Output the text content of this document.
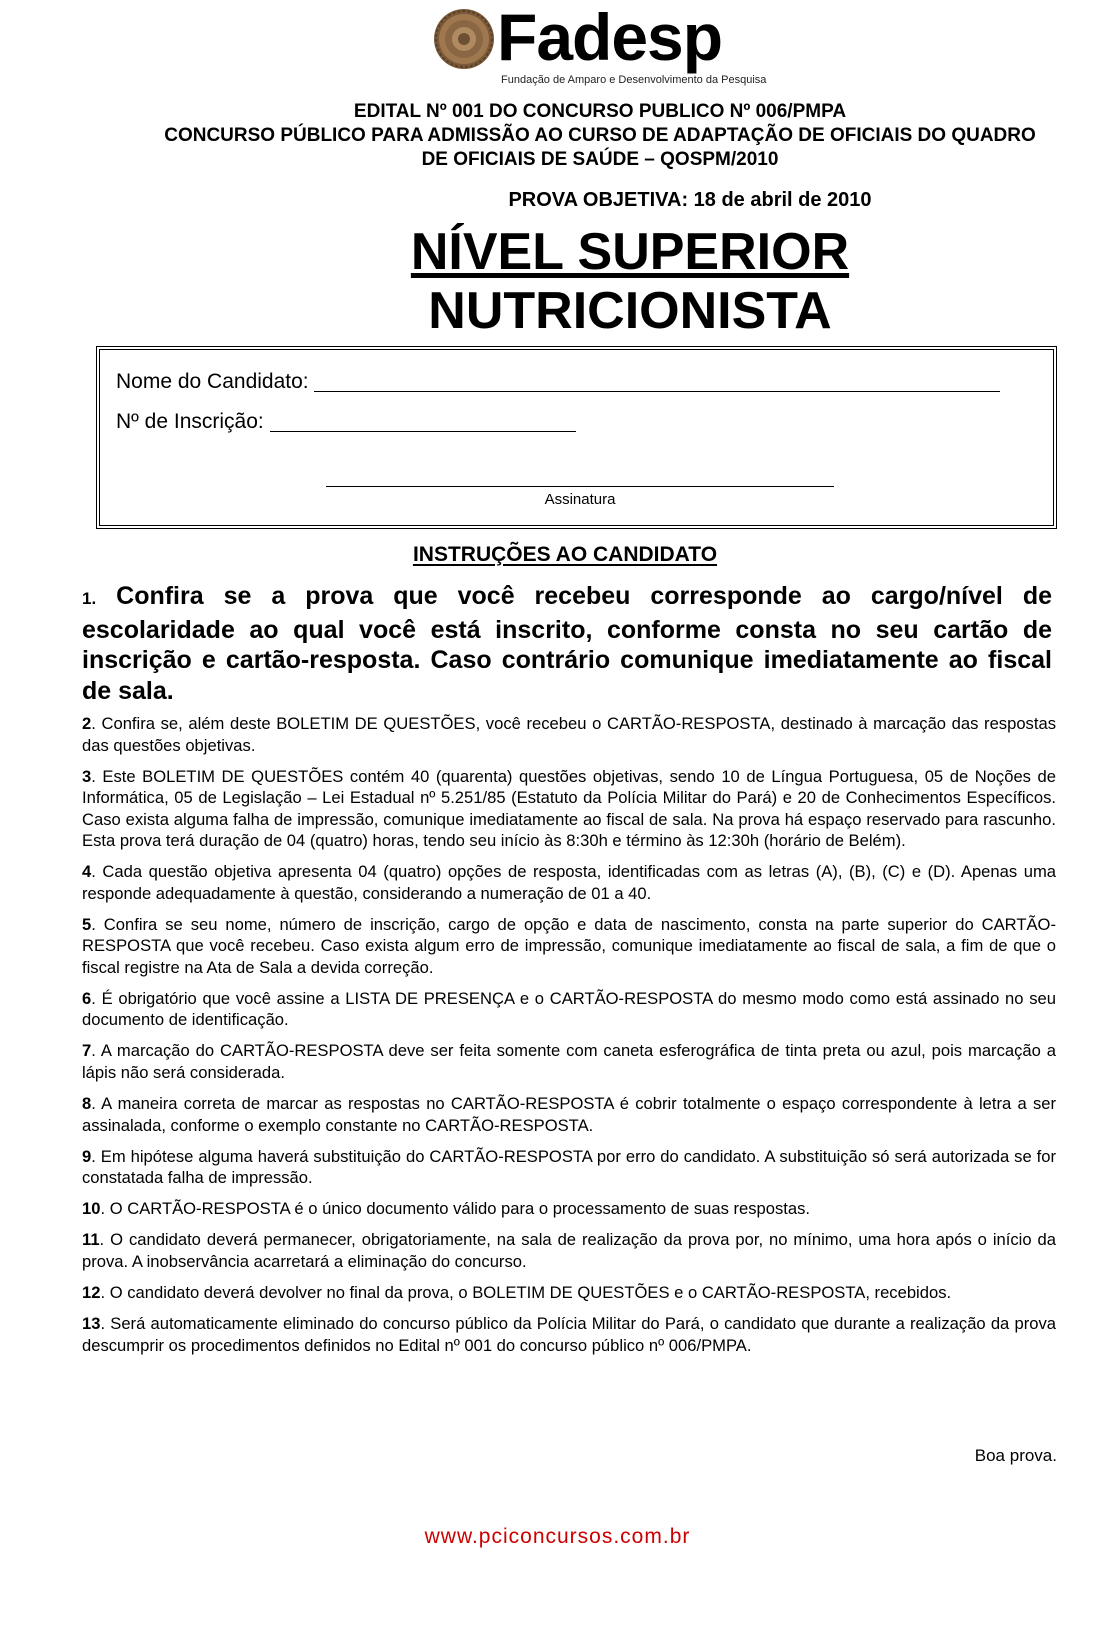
Fadesp
Fundação de Amparo e Desenvolvimento da Pesquisa
EDITAL Nº 001 DO CONCURSO PUBLICO Nº 006/PMPA
CONCURSO PÚBLICO PARA ADMISSÃO AO CURSO DE ADAPTAÇÃO DE OFICIAIS DO QUADRO
DE OFICIAIS DE SAÚDE – QOSPM/2010
PROVA OBJETIVA: 18 de abril de 2010
NÍVEL SUPERIOR
NUTRICIONISTA
Nome do Candidato:
Nº de Inscrição:
Assinatura
INSTRUÇÕES AO CANDIDATO
1. Confira se a prova que você recebeu corresponde ao cargo/nível de escolaridade ao qual você está inscrito, conforme consta no seu cartão de inscrição e cartão-resposta. Caso contrário comunique imediatamente ao fiscal de sala.
2. Confira se, além deste BOLETIM DE QUESTÕES, você recebeu o CARTÃO-RESPOSTA, destinado à marcação das respostas das questões objetivas.
3. Este BOLETIM DE QUESTÕES contém 40 (quarenta) questões objetivas, sendo 10 de Língua Portuguesa, 05 de Noções de Informática, 05 de Legislação – Lei Estadual nº 5.251/85 (Estatuto da Polícia Militar do Pará) e 20 de Conhecimentos Específicos. Caso exista alguma falha de impressão, comunique imediatamente ao fiscal de sala. Na prova há espaço reservado para rascunho. Esta prova terá duração de 04 (quatro) horas, tendo seu início às 8:30h e término às 12:30h (horário de Belém).
4. Cada questão objetiva apresenta 04 (quatro) opções de resposta, identificadas com as letras (A), (B), (C) e (D). Apenas uma responde adequadamente à questão, considerando a numeração de 01 a 40.
5. Confira se seu nome, número de inscrição, cargo de opção e data de nascimento, consta na parte superior do CARTÃO-RESPOSTA que você recebeu. Caso exista algum erro de impressão, comunique imediatamente ao fiscal de sala, a fim de que o fiscal registre na Ata de Sala a devida correção.
6. É obrigatório que você assine a LISTA DE PRESENÇA e o CARTÃO-RESPOSTA do mesmo modo como está assinado no seu documento de identificação.
7. A marcação do CARTÃO-RESPOSTA deve ser feita somente com caneta esferográfica de tinta preta ou azul, pois marcação a lápis não será considerada.
8. A maneira correta de marcar as respostas no CARTÃO-RESPOSTA é cobrir totalmente o espaço correspondente à letra a ser assinalada, conforme o exemplo constante no CARTÃO-RESPOSTA.
9. Em hipótese alguma haverá substituição do CARTÃO-RESPOSTA por erro do candidato. A substituição só será autorizada se for constatada falha de impressão.
10. O CARTÃO-RESPOSTA é o único documento válido para o processamento de suas respostas.
11. O candidato deverá permanecer, obrigatoriamente, na sala de realização da prova por, no mínimo, uma hora após o início da prova. A inobservância acarretará a eliminação do concurso.
12. O candidato deverá devolver no final da prova, o BOLETIM DE QUESTÕES e o CARTÃO-RESPOSTA, recebidos.
13. Será automaticamente eliminado do concurso público da Polícia Militar do Pará, o candidato que durante a realização da prova descumprir os procedimentos definidos no Edital nº 001 do concurso público nº 006/PMPA.
Boa prova.
www.pciconcursos.com.br
